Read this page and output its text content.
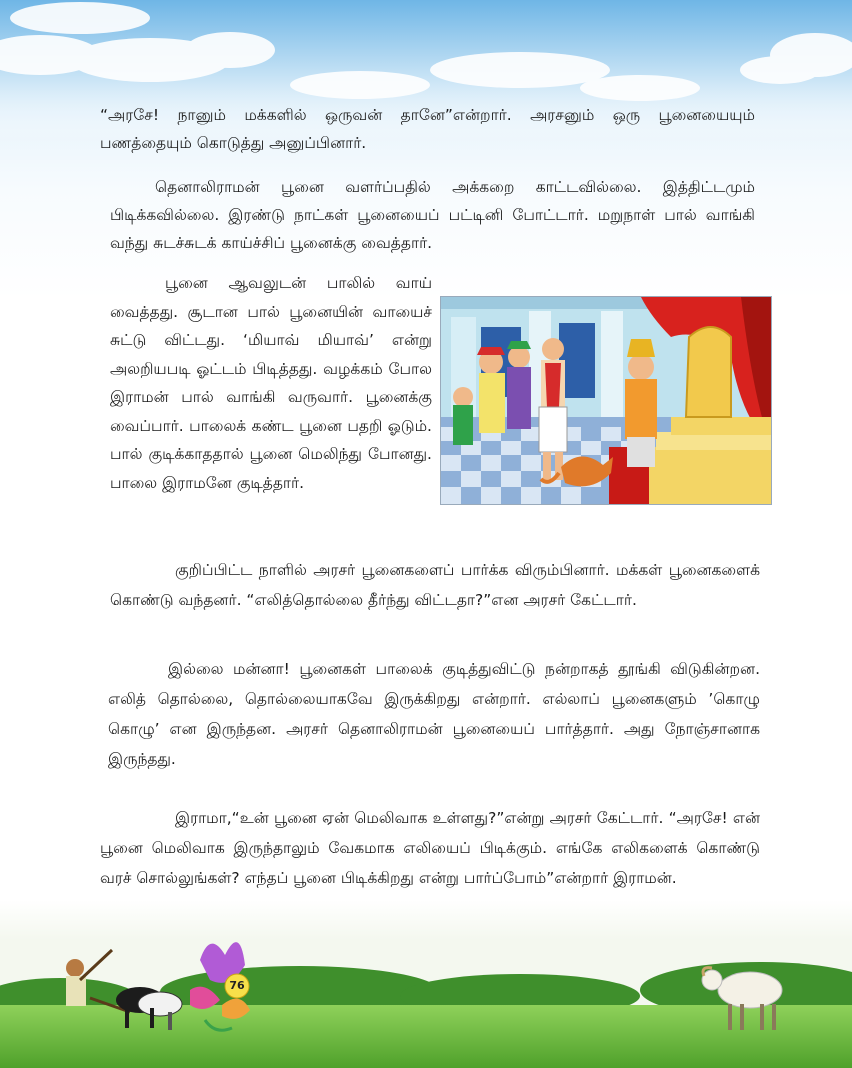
“அரசே! நானும் மக்களில் ஒருவன் தானே”என்றார். அரசனும் ஒரு பூனையையும் பணத்தையும் கொடுத்து அனுப்பினார்.

தெனாலிராமன் பூனை வளர்ப்பதில் அக்கறை காட்டவில்லை. இத்திட்டமும் பிடிக்கவில்லை. இரண்டு நாட்கள் பூனையைப் பட்டினி போட்டார். மறுநாள் பால் வாங்கி வந்து சுடச்சுடக் காய்ச்சிப் பூனைக்கு வைத்தார்.

பூனை ஆவலுடன் பாலில் வாய் வைத்தது. சூடான பால் பூனையின் வாயைச் சுட்டு விட்டது. ‘மியாவ் மியாவ்’ என்று அலறியபடி ஓட்டம் பிடித்தது. வழக்கம் போல இராமன் பால் வாங்கி வருவார். பூனைக்கு வைப்பார். பாலைக் கண்ட பூனை பதறி ஓடும். பால் குடிக்காததால் பூனை மெலிந்து போனது. பாலை இராமனே குடித்தார்.

குறிப்பிட்ட நாளில் அரசர் பூனைகளைப் பார்க்க விரும்பினார். மக்கள் பூனைகளைக் கொண்டு வந்தனர். “எலித்தொல்லை தீர்ந்து விட்டதா?”என அரசர் கேட்டார்.

இல்லை மன்னா! பூனைகள் பாலைக் குடித்துவிட்டு நன்றாகத் தூங்கி விடுகின்றன. எலித் தொல்லை, தொல்லையாகவே இருக்கிறது என்றார். எல்லாப் பூனைகளும் ’கொழு கொழு’ என இருந்தன. அரசர் தெனாலிராமன் பூனையைப் பார்த்தார். அது நோஞ்சானாக இருந்தது.

இராமா,“உன் பூனை ஏன் மெலிவாக உள்ளது?”என்று அரசர் கேட்டார். “அரசே! என் பூனை மெலிவாக இருந்தாலும் வேகமாக எலியைப் பிடிக்கும். எங்கே எலிகளைக் கொண்டு வரச் சொல்லுங்கள்? எந்தப் பூனை பிடிக்கிறது என்று பார்ப்போம்”என்றார் இராமன்.

76
